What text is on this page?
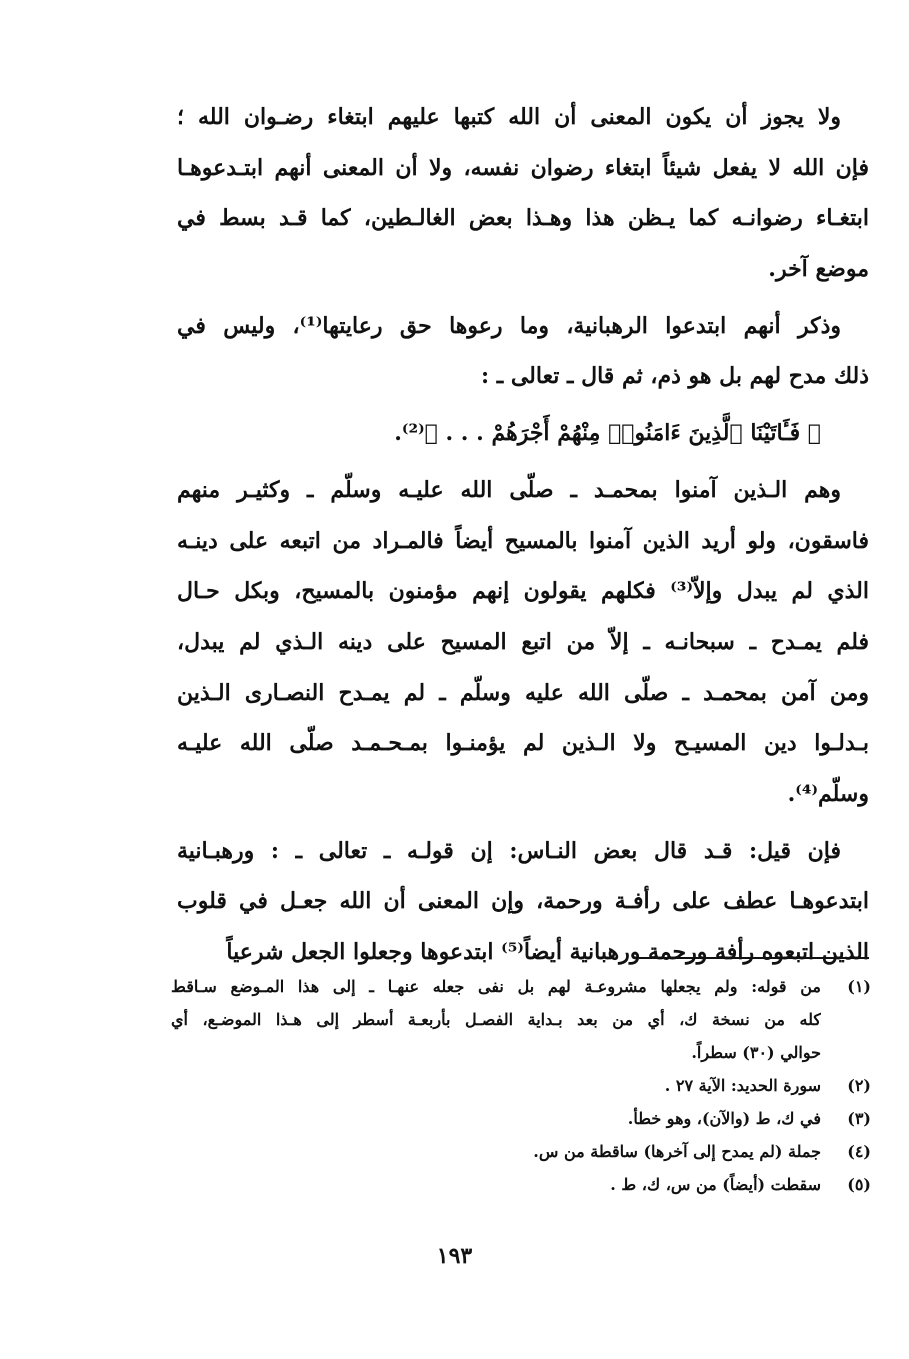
ولا يجوز أن يكون المعنى أن الله كتبها عليهم ابتغاء رضـوان الله ؛
فإن الله لا يفعل شيئاً ابتغاء رضوان نفسه، ولا أن المعنى أنهم ابتـدعوهـا
ابتغـاء رضوانـه كما يـظن هذا وهـذا بعض الغالـطين، كما قـد بسط في
موضع آخر.
وذكر أنهم ابتدعوا الرهبانية، وما رعوها حق رعايتها⁽¹⁾، وليس في
ذلك مدح لهم بل هو ذم، ثم قال ـ تعالى ـ :
﴿ فَـَٔاتَيْنَا ٱلَّذِينَ ءَامَنُوا۟ مِنْهُمْ أَجْرَهُمْ . . . ﴾⁽²⁾.
وهم الـذين آمنوا بمحمـد ـ صلّى الله عليـه وسلّم ـ وكثيـر منهم
فاسقون، ولو أريد الذين آمنوا بالمسيح أيضاً فالمـراد من اتبعه على دينـه
الذي لم يبدل وإلاّ⁽³⁾ فكلهم يقولون إنهم مؤمنون بالمسيح، وبكل حـال
فلم يمـدح ـ سبحانـه ـ إلاّ من اتبع المسيح على دينه الـذي لم يبدل،
ومن آمن بمحمـد ـ صلّى الله عليه وسلّم ـ لم يمـدح النصـارى الـذين
بـدلـوا دين المسيـح ولا الـذين لم يؤمنـوا بمـحـمـد صلّى الله عليـه
وسلّم⁽⁴⁾.
فإن قيل: قـد قال بعض النـاس: إن قولـه ـ تعالى ـ : ورهبـانية
ابتدعوهـا عطف على رأفـة ورحمة، وإن المعنى أن الله جعـل في قلوب
الذين اتبعوه رأفة ورحمة ورهبانية أيضاً⁽⁵⁾ ابتدعوها وجعلوا الجعل شرعياً
(١)
من قوله: ولم يجعلها مشروعـة لهم بل نفى جعله عنهـا ـ إلى هذا المـوضع سـاقط
كله من نسخة ك، أي من بعد بـداية الفصـل بأربعـة أسطر إلى هـذا الموضـع، أي
حوالي (٣٠) سطراً.
(٢)
سورة الحديد: الآية ٢٧ .
(٣)
في ك، ط (والآن)، وهو خطأ.
(٤)
جملة (لم يمدح إلى آخرها) ساقطة من س.
(٥)
سقطت (أيضاً) من س، ك، ط .
١٩٣
